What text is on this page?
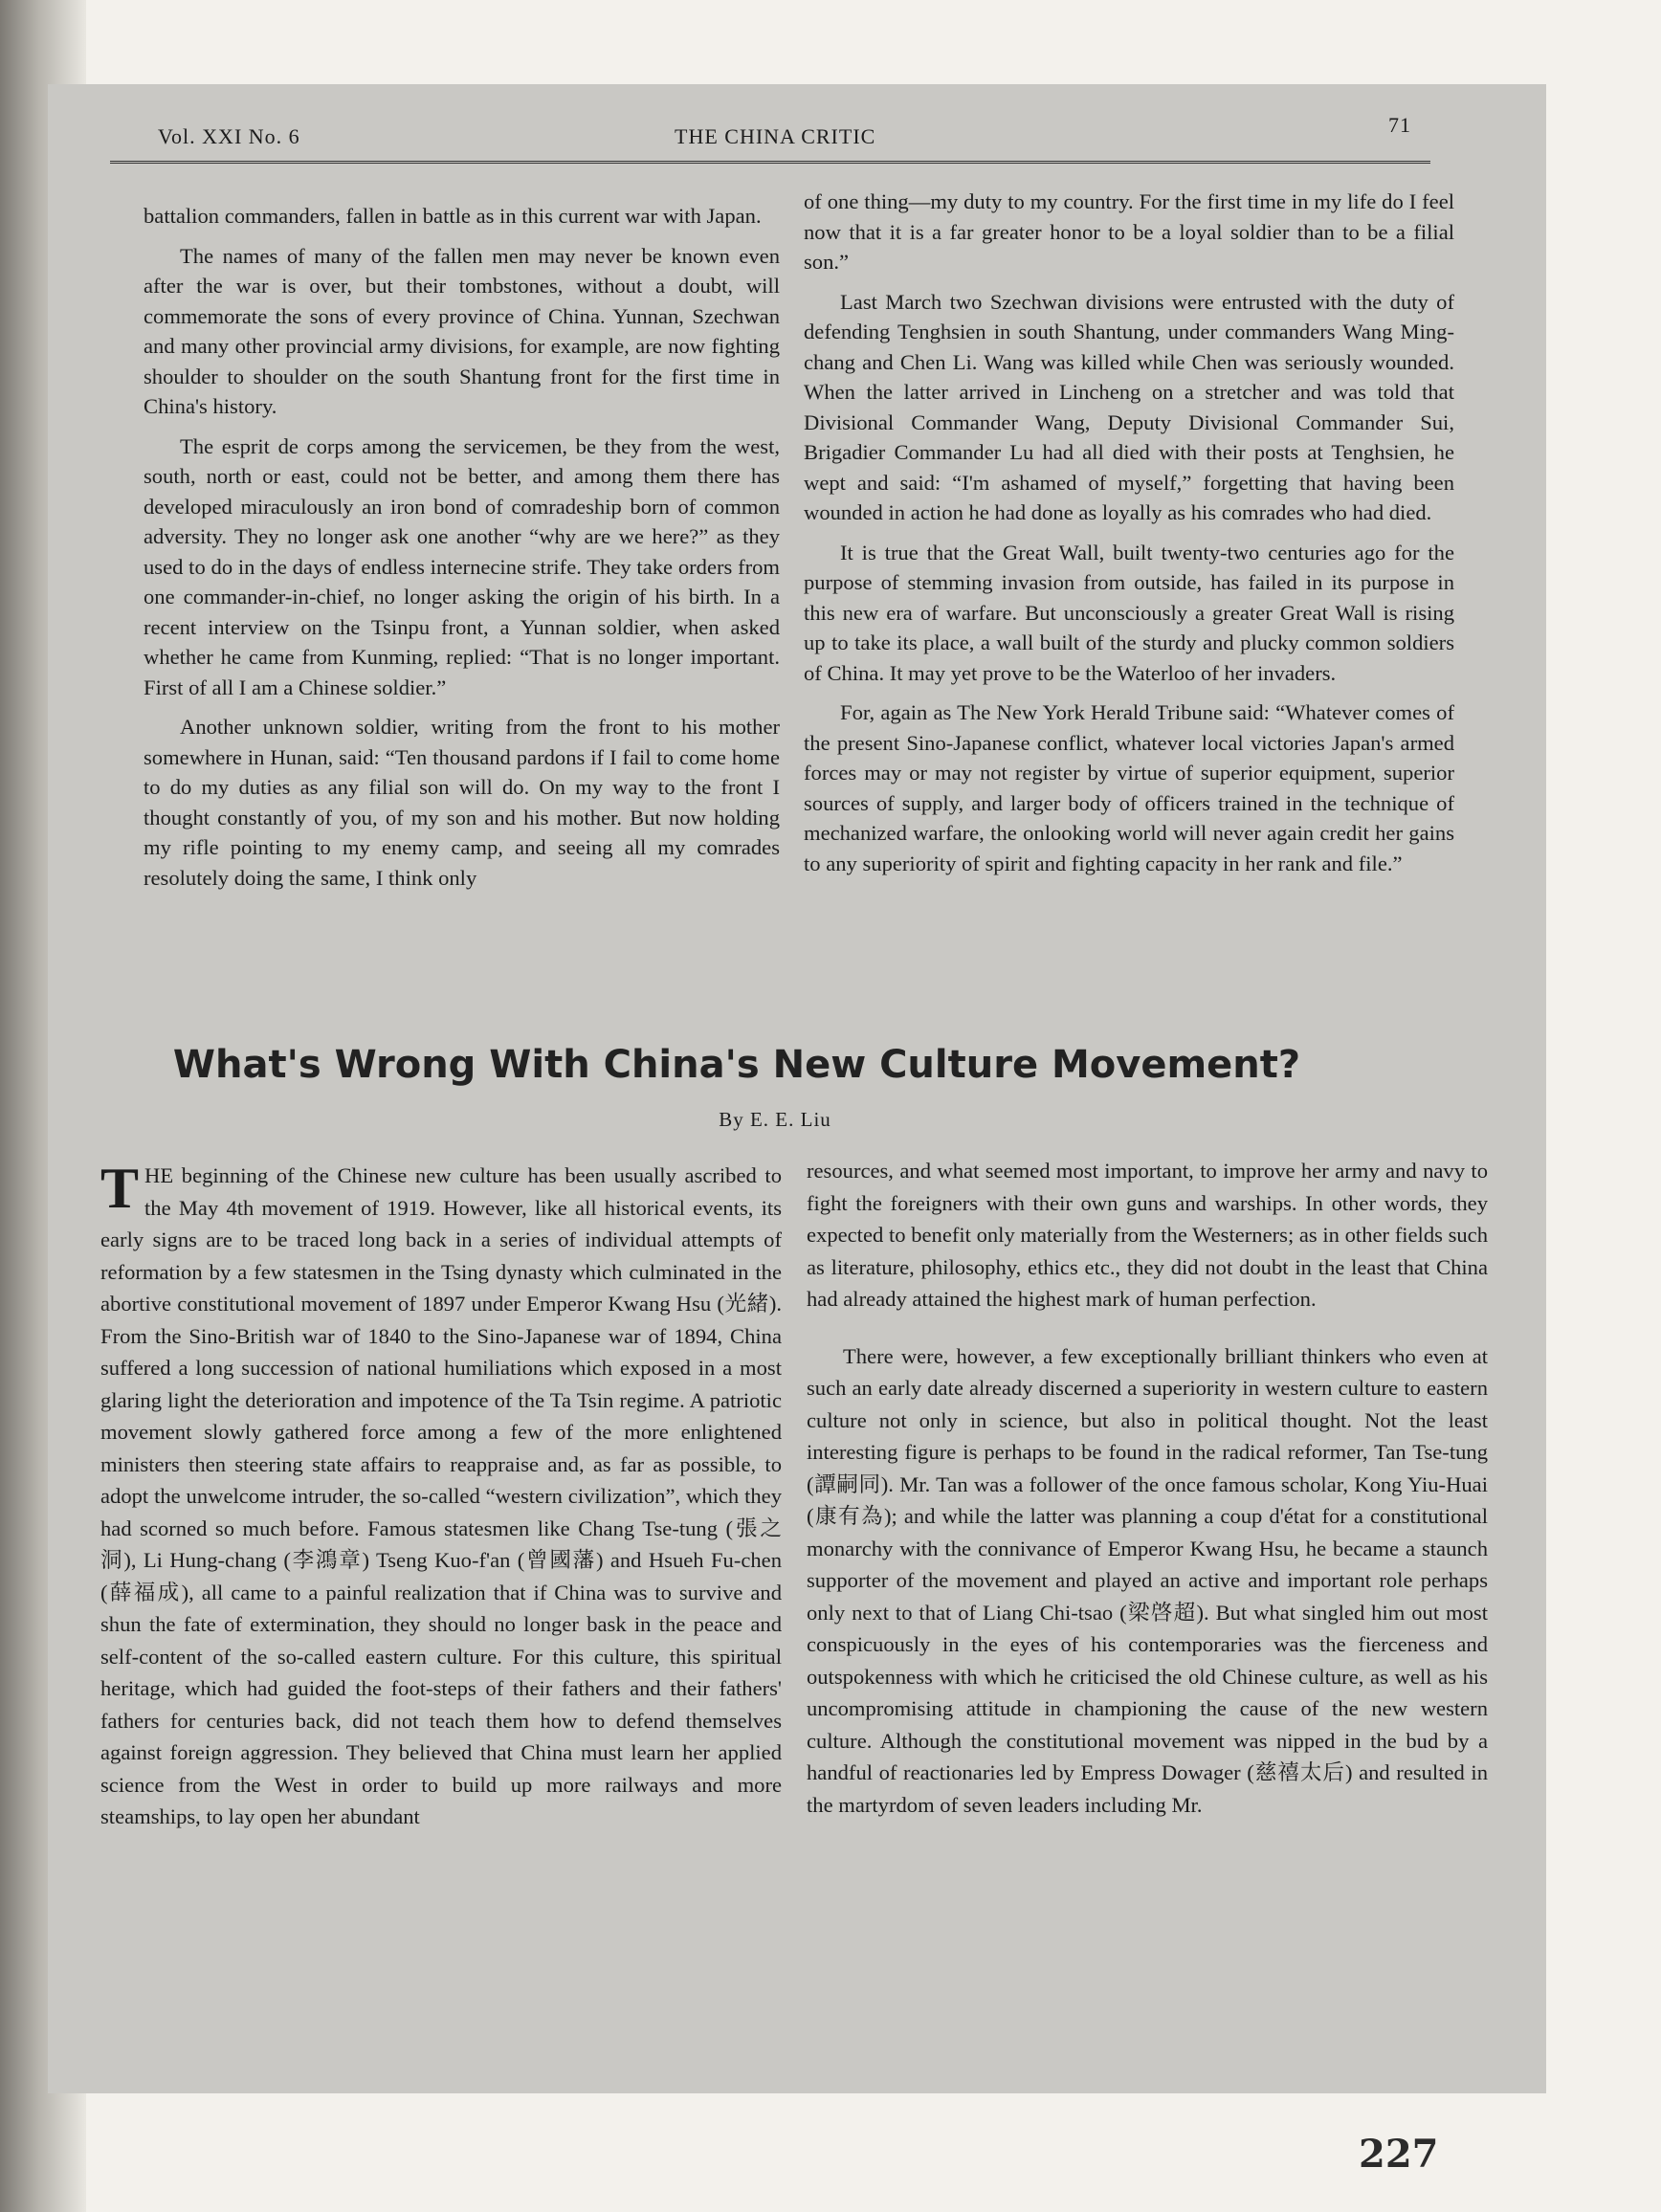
Vol. XXI No. 6	THE CHINA CRITIC	71

battalion commanders, fallen in battle as in this current war with Japan.

The names of many of the fallen men may never be known even after the war is over, but their tombstones, without a doubt, will commemorate the sons of every province of China. Yunnan, Szechwan and many other provincial army divisions, for example, are now fighting shoulder to shoulder on the south Shantung front for the first time in China's history.

The esprit de corps among the servicemen, be they from the west, south, north or east, could not be better, and among them there has developed miraculously an iron bond of comradeship born of common adversity. They no longer ask one another “why are we here?” as they used to do in the days of endless internecine strife. They take orders from one commander-in-chief, no longer asking the origin of his birth. In a recent interview on the Tsinpu front, a Yunnan soldier, when asked whether he came from Kunming, replied: “That is no longer important. First of all I am a Chinese soldier.”

Another unknown soldier, writing from the front to his mother somewhere in Hunan, said: “Ten thousand pardons if I fail to come home to do my duties as any filial son will do. On my way to the front I thought constantly of you, of my son and his mother. But now holding my rifle pointing to my enemy camp, and seeing all my comrades resolutely doing the same, I think only

of one thing—my duty to my country. For the first time in my life do I feel now that it is a far greater honor to be a loyal soldier than to be a filial son.”

Last March two Szechwan divisions were entrusted with the duty of defending Tenghsien in south Shantung, under commanders Wang Ming-chang and Chen Li. Wang was killed while Chen was seriously wounded. When the latter arrived in Lincheng on a stretcher and was told that Divisional Commander Wang, Deputy Divisional Commander Sui, Brigadier Commander Lu had all died with their posts at Tenghsien, he wept and said: “I'm ashamed of myself,” forgetting that having been wounded in action he had done as loyally as his comrades who had died.

It is true that the Great Wall, built twenty-two centuries ago for the purpose of stemming invasion from outside, has failed in its purpose in this new era of warfare. But unconsciously a greater Great Wall is rising up to take its place, a wall built of the sturdy and plucky common soldiers of China. It may yet prove to be the Waterloo of her invaders.

For, again as The New York Herald Tribune said: “Whatever comes of the present Sino-Japanese conflict, whatever local victories Japan's armed forces may or may not register by virtue of superior equipment, superior sources of supply, and larger body of officers trained in the technique of mechanized warfare, the onlooking world will never again credit her gains to any superiority of spirit and fighting capacity in her rank and file.”

What's Wrong With China's New Culture Movement?

By E. E. Liu

THE beginning of the Chinese new culture has been usually ascribed to the May 4th movement of 1919. However, like all historical events, its early signs are to be traced long back in a series of individual attempts of reformation by a few statesmen in the Tsing dynasty which culminated in the abortive constitutional movement of 1897 under Emperor Kwang Hsu (光緒). From the Sino-British war of 1840 to the Sino-Japanese war of 1894, China suffered a long succession of national humiliations which exposed in a most glaring light the deterioration and impotence of the Ta Tsin regime. A patriotic movement slowly gathered force among a few of the more enlightened ministers then steering state affairs to reappraise and, as far as possible, to adopt the unwelcome intruder, the so-called “western civilization”, which they had scorned so much before. Famous statesmen like Chang Tse-tung (張之洞), Li Hung-chang (李鴻章) Tseng Kuo-f'an (曾國藩) and Hsueh Fu-chen (薛福成), all came to a painful realization that if China was to survive and shun the fate of extermination, they should no longer bask in the peace and self-content of the so-called eastern culture. For this culture, this spiritual heritage, which had guided the foot-steps of their fathers and their fathers' fathers for centuries back, did not teach them how to defend themselves against foreign aggression. They believed that China must learn her applied science from the West in order to build up more railways and more steamships, to lay open her abundant

resources, and what seemed most important, to improve her army and navy to fight the foreigners with their own guns and warships. In other words, they expected to benefit only materially from the Westerners; as in other fields such as literature, philosophy, ethics etc., they did not doubt in the least that China had already attained the highest mark of human perfection.

There were, however, a few exceptionally brilliant thinkers who even at such an early date already discerned a superiority in western culture to eastern culture not only in science, but also in political thought. Not the least interesting figure is perhaps to be found in the radical reformer, Tan Tse-tung (譚嗣同). Mr. Tan was a follower of the once famous scholar, Kong Yiu-Huai (康有為); and while the latter was planning a coup d'état for a constitutional monarchy with the connivance of Emperor Kwang Hsu, he became a staunch supporter of the movement and played an active and important role perhaps only next to that of Liang Chi-tsao (梁啓超). But what singled him out most conspicuously in the eyes of his contemporaries was the fierceness and outspokenness with which he criticised the old Chinese culture, as well as his uncompromising attitude in championing the cause of the new western culture. Although the constitutional movement was nipped in the bud by a handful of reactionaries led by Empress Dowager (慈禧太后) and resulted in the martyrdom of seven leaders including Mr.

227
